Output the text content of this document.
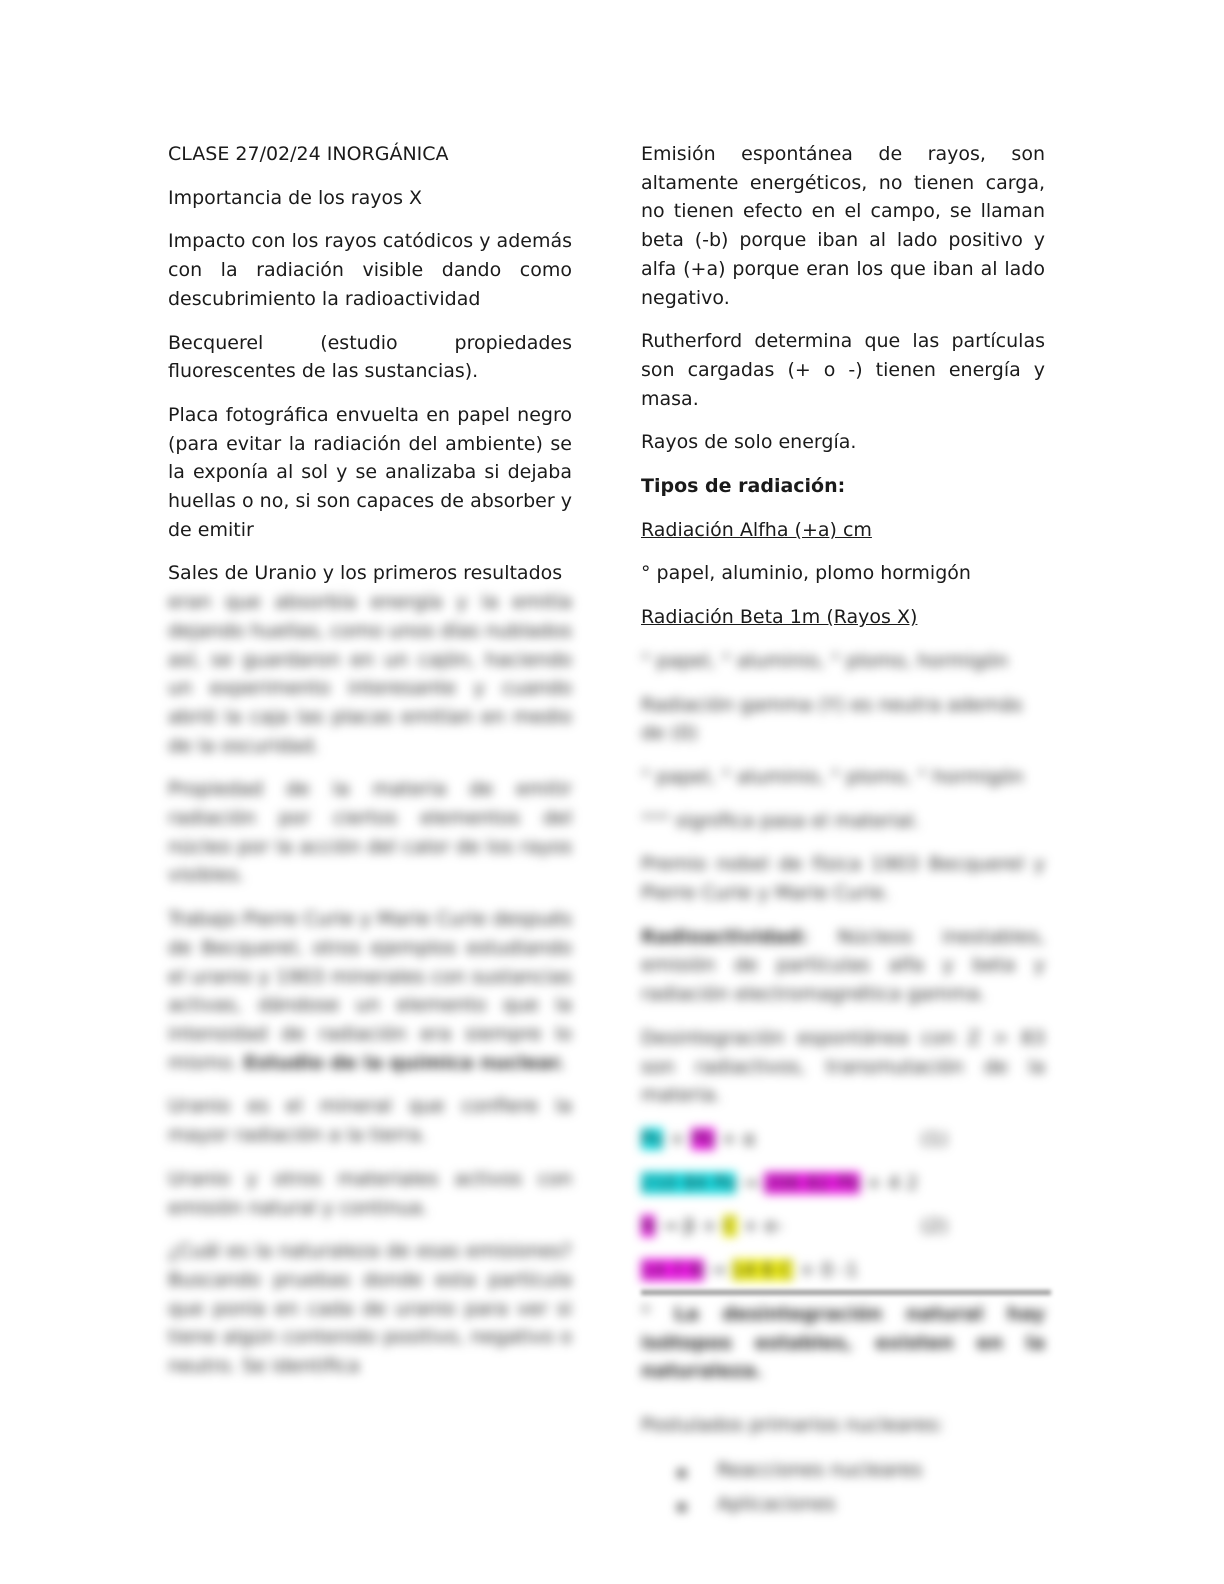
CLASE 27/02/24 INORGÁNICA

Importancia de los rayos X

Impacto con los rayos catódicos y además con la radiación visible dando como descubrimiento la radioactividad

Becquerel (estudio propiedades fluorescentes de las sustancias).

Placa fotográfica envuelta en papel negro (para evitar la radiación del ambiente) se la exponía al sol y se analizaba si dejaba huellas o no, si son capaces de absorber y de emitir

Sales de Uranio y los primeros resultados

eran que absorbía energía y la emitía dejando huellas, como unos días nublados así, se guardaron en un cajón, haciendo un experimento interesante y cuando abrió la caja las placas emitían en medio de la oscuridad.

Propiedad de la materia de emitir radiación por ciertos elementos del núcleo por la acción del calor de los rayos visibles.

Trabajo Pierre Curie y Marie Curie después de Becquerel, otros ejemplos estudiando el uranio y 1903 minerales con sustancias activas, dándose un elemento que la intensidad de radiación era siempre lo mismo. Estudio de la química nuclear.

Uranio es el mineral que confiere la mayor radiación a la tierra.

Uranio y otros materiales activos con emisión natural y continua.

¿Cuál es la naturaleza de esas emisiones? Buscando pruebas donde esta partícula que ponía en cada de uranio para ver si tiene algún contenido positivo, negativo o neutro. Se identifica

Emisión espontánea de rayos, son altamente energéticos, no tienen carga, no tienen efecto en el campo, se llaman beta (-b) porque iban al lado positivo y alfa (+a) porque eran los que iban al lado negativo.

Rutherford determina que las partículas son cargadas (+ o -) tienen energía y masa.

Rayos de solo energía.

Tipos de radiación:

Radiación Alfha (+a) cm

° papel, aluminio, plomo hormigón

Radiación Beta 1m (Rayos X)

° papel, ° aluminio, ° plomo, hormigón

Radiación gamma (Y) es neutra además de (0)

° papel, ° aluminio, ° plomo, ° hormigón

°°° significa pasa el material.

Premio nobel de física 1903 Becquerel y Pierre Curie y Marie Curie.

Radioactividad: Núcleos inestables, emisión de partículas alfa y beta y radiación electromagnética gamma.

Desintegración espontánea con Z > 83 son radiactivos, transmutación de la materia.

Po + Pb + α	(1)
210 84 Po → 206 82 Pb + 4 2
N → β + C + e-	(2)
14 7 N → 14 6 C + 0 -1

° La desintegración natural hay isótopos estables, existen en la naturaleza.

Postulados primarios nucleares:

■ Reacciones nucleares
■ Aplicaciones
